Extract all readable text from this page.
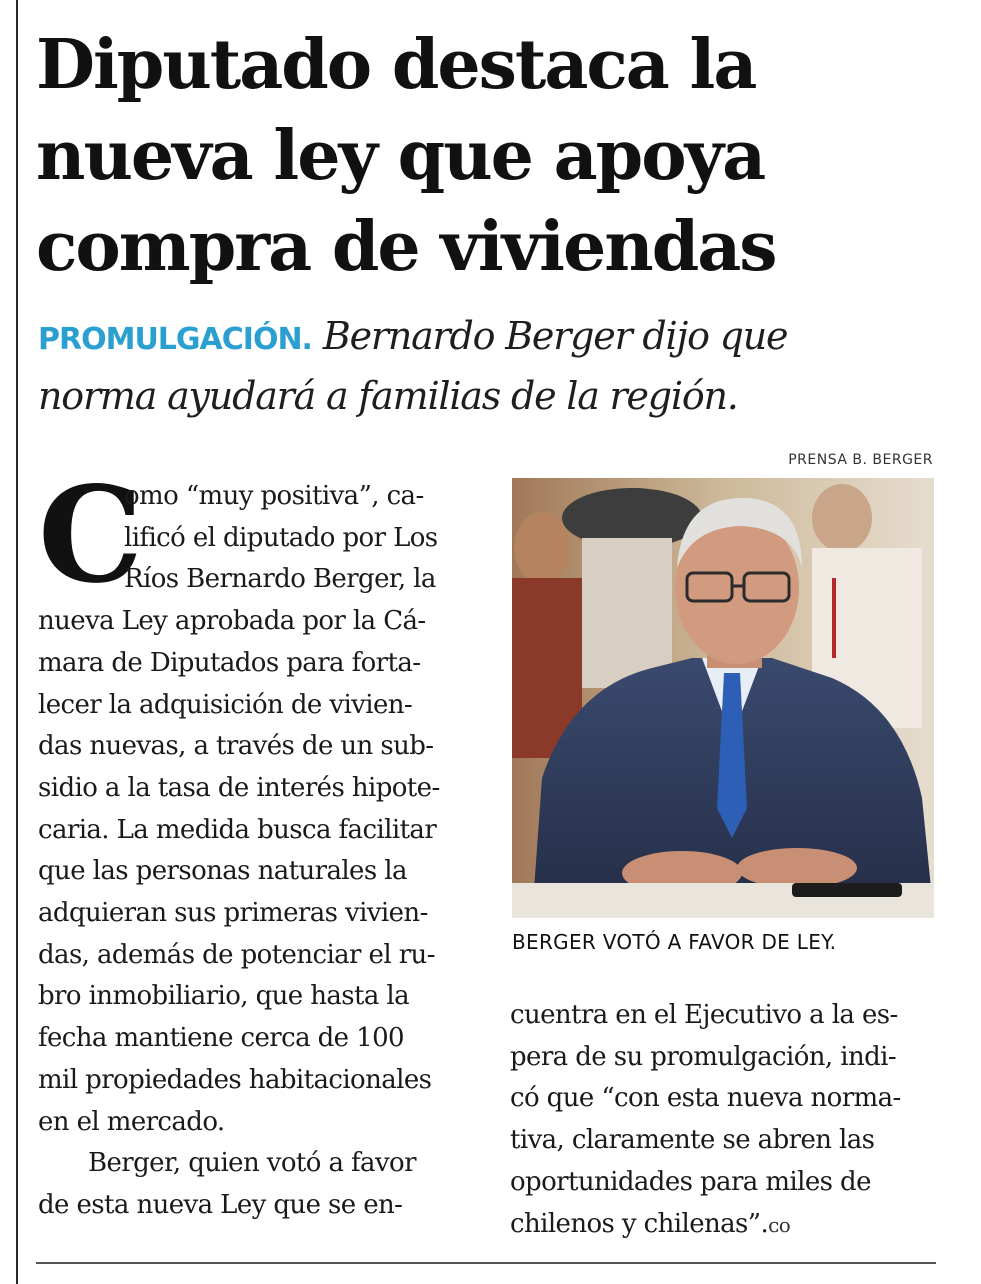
Diputado destaca la
nueva ley que apoya
compra de viviendas
PROMULGACIÓN. Bernardo Berger dijo que
norma ayudará a familias de la región.
PRENSA B. BERGER
BERGER VOTÓ A FAVOR DE LEY.
C
omo “muy positiva”, ca-
lificó el diputado por Los
Ríos Bernardo Berger, la
nueva Ley aprobada por la Cá-
mara de Diputados para fortа-
lecer la adquisición de vivien-
das nuevas, a través de un sub-
sidio a la tasa de interés hipote-
caria. La medida busca facilitar
que las personas naturales la
adquieran sus primeras vivien-
das, además de potenciar el ru-
bro inmobiliario, que hasta la
fecha mantiene cerca de 100
mil propiedades habitacionales
en el mercado.
Berger, quien votó a favor
de esta nueva Ley que se en-
cuentra en el Ejecutivo a la es-
pera de su promulgación, indi-
có que “con esta nueva norma-
tiva, claramente se abren las
oportunidades para miles de
chilenos y chilenas”.ᴄᴏ
